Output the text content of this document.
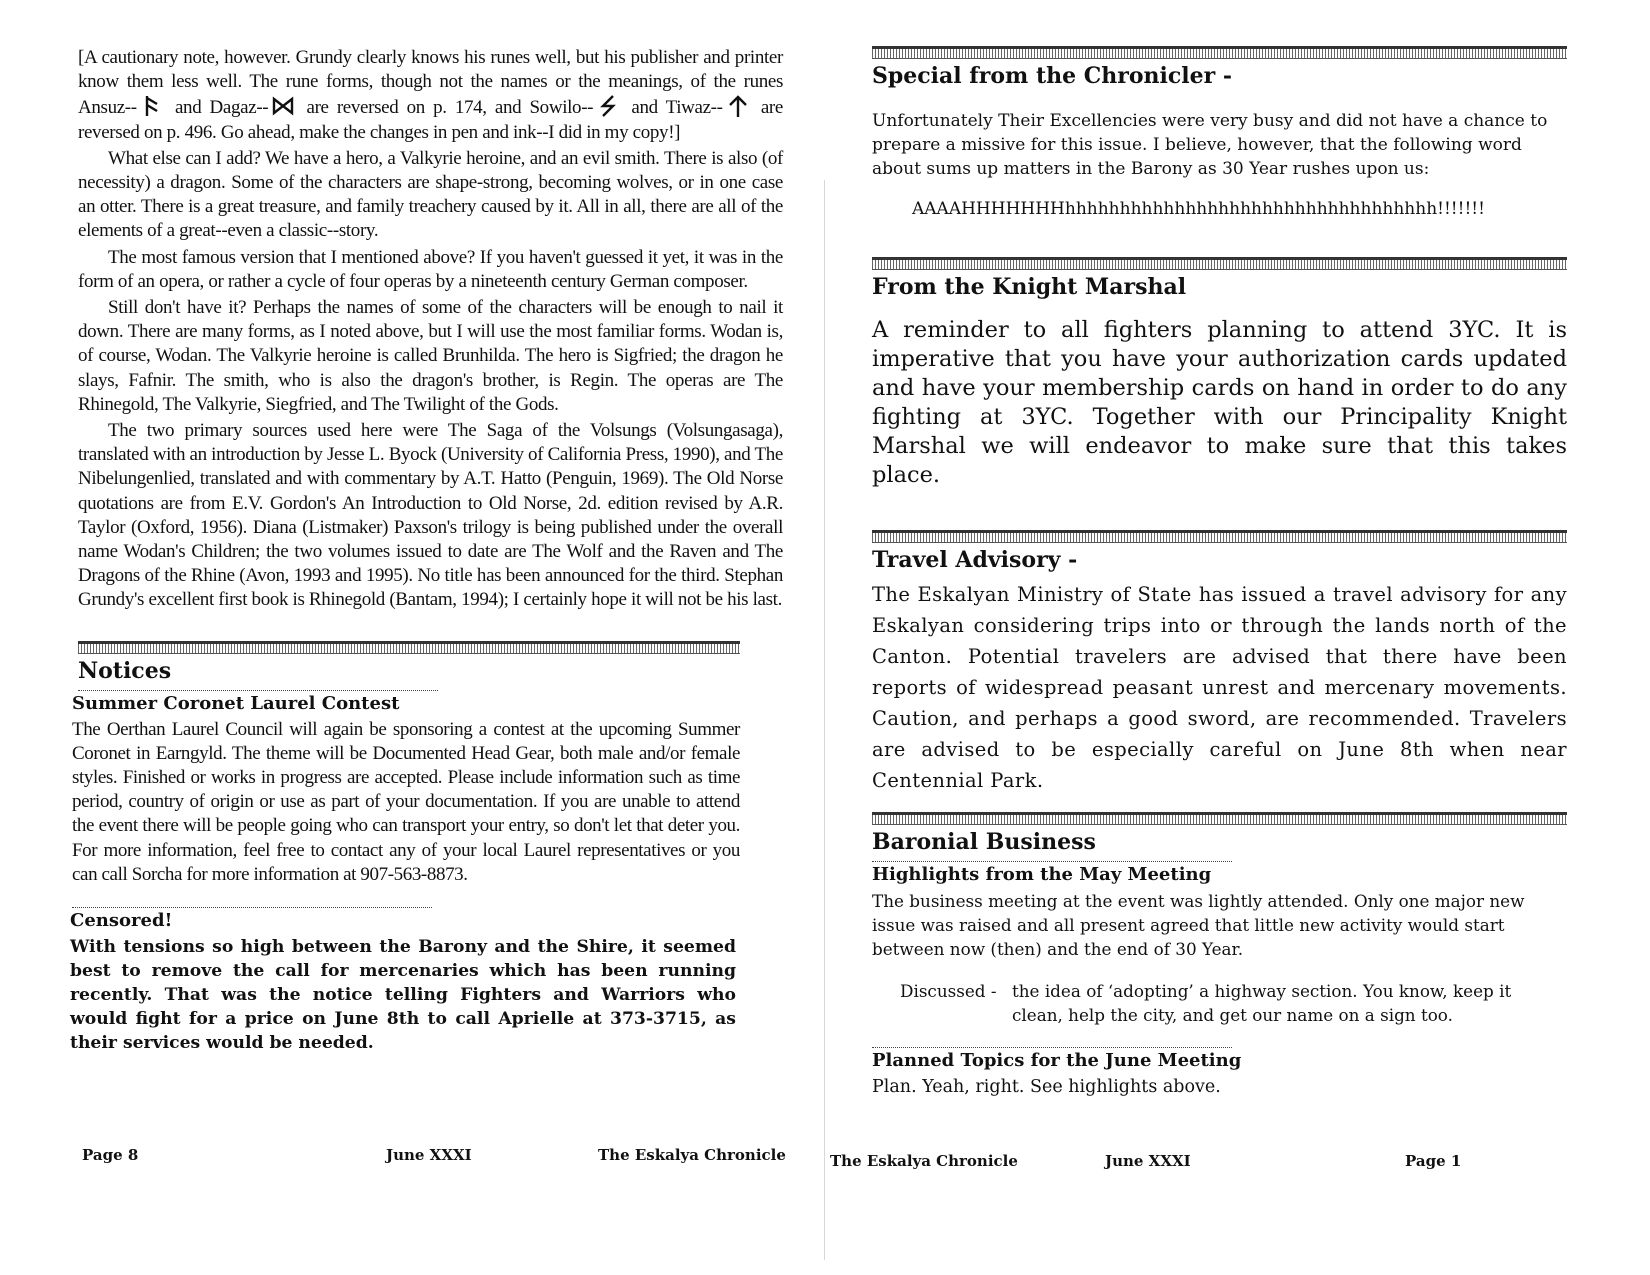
[A cautionary note, however. Grundy clearly knows his runes well, but his publisher and printer know them less well. The rune forms, though not the names or the meanings, of the runes Ansuz-- and Dagaz-- are reversed on p. 174, and Sowilo-- and Tiwaz-- are reversed on p. 496. Go ahead, make the changes in pen and ink--I did in my copy!]

What else can I add? We have a hero, a Valkyrie heroine, and an evil smith. There is also (of necessity) a dragon. Some of the characters are shape-strong, becoming wolves, or in one case an otter. There is a great treasure, and family treachery caused by it. All in all, there are all of the elements of a great--even a classic--story.

The most famous version that I mentioned above? If you haven't guessed it yet, it was in the form of an opera, or rather a cycle of four operas by a nineteenth century German composer.

Still don't have it? Perhaps the names of some of the characters will be enough to nail it down. There are many forms, as I noted above, but I will use the most familiar forms. Wodan is, of course, Wodan. The Valkyrie heroine is called Brunhilda. The hero is Sigfried; the dragon he slays, Fafnir. The smith, who is also the dragon's brother, is Regin. The operas are The Rhinegold, The Valkyrie, Siegfried, and The Twilight of the Gods.

The two primary sources used here were The Saga of the Volsungs (Volsungasaga), translated with an introduction by Jesse L. Byock (University of California Press, 1990), and The Nibelungenlied, translated and with commentary by A.T. Hatto (Penguin, 1969). The Old Norse quotations are from E.V. Gordon's An Introduction to Old Norse, 2d. edition revised by A.R. Taylor (Oxford, 1956). Diana (Listmaker) Paxson's trilogy is being published under the overall name Wodan's Children; the two volumes issued to date are The Wolf and the Raven and The Dragons of the Rhine (Avon, 1993 and 1995). No title has been announced for the third. Stephan Grundy's excellent first book is Rhinegold (Bantam, 1994); I certainly hope it will not be his last.

Notices
Summer Coronet Laurel Contest

The Oerthan Laurel Council will again be sponsoring a contest at the upcoming Summer Coronet in Earngyld. The theme will be Documented Head Gear, both male and/or female styles. Finished or works in progress are accepted. Please include information such as time period, country of origin or use as part of your documentation. If you are unable to attend the event there will be people going who can transport your entry, so don't let that deter you. For more information, feel free to contact any of your local Laurel representatives or you can call Sorcha for more information at 907-563-8873.

Censored!

With tensions so high between the Barony and the Shire, it seemed best to remove the call for mercenaries which has been running recently. That was the notice telling Fighters and Warriors who would fight for a price on June 8th to call Aprielle at 373-3715, as their services would be needed.

Page 8	June XXXI	The Eskalya Chronicle
Special from the Chronicler -

Unfortunately Their Excellencies were very busy and did not have a chance to prepare a missive for this issue. I believe, however, that the following word about sums up matters in the Barony as 30 Year rushes upon us:

AAAAHHHHHHHhhhhhhhhhhhhhhhhhhhhhhhhhhhhhhhhhh!!!!!!!
From the Knight Marshal

A reminder to all fighters planning to attend 3YC. It is imperative that you have your authorization cards updated and have your membership cards on hand in order to do any fighting at 3YC. Together with our Principality Knight Marshal we will endeavor to make sure that this takes place.

Travel Advisory -

The Eskalyan Ministry of State has issued a travel advisory for any Eskalyan considering trips into or through the lands north of the Canton. Potential travelers are advised that there have been reports of widespread peasant unrest and mercenary movements. Caution, and perhaps a good sword, are recommended. Travelers are advised to be especially careful on June 8th when near Centennial Park.

Baronial Business
Highlights from the May Meeting

The business meeting at the event was lightly attended. Only one major new issue was raised and all present agreed that little new activity would start between now (then) and the end of 30 Year.

Discussed - the idea of ‘adopting’ a highway section. You know, keep it clean, help the city, and get our name on a sign too.
Planned Topics for the June Meeting

Plan. Yeah, right. See highlights above.

The Eskalya Chronicle	June XXXI	Page 1
